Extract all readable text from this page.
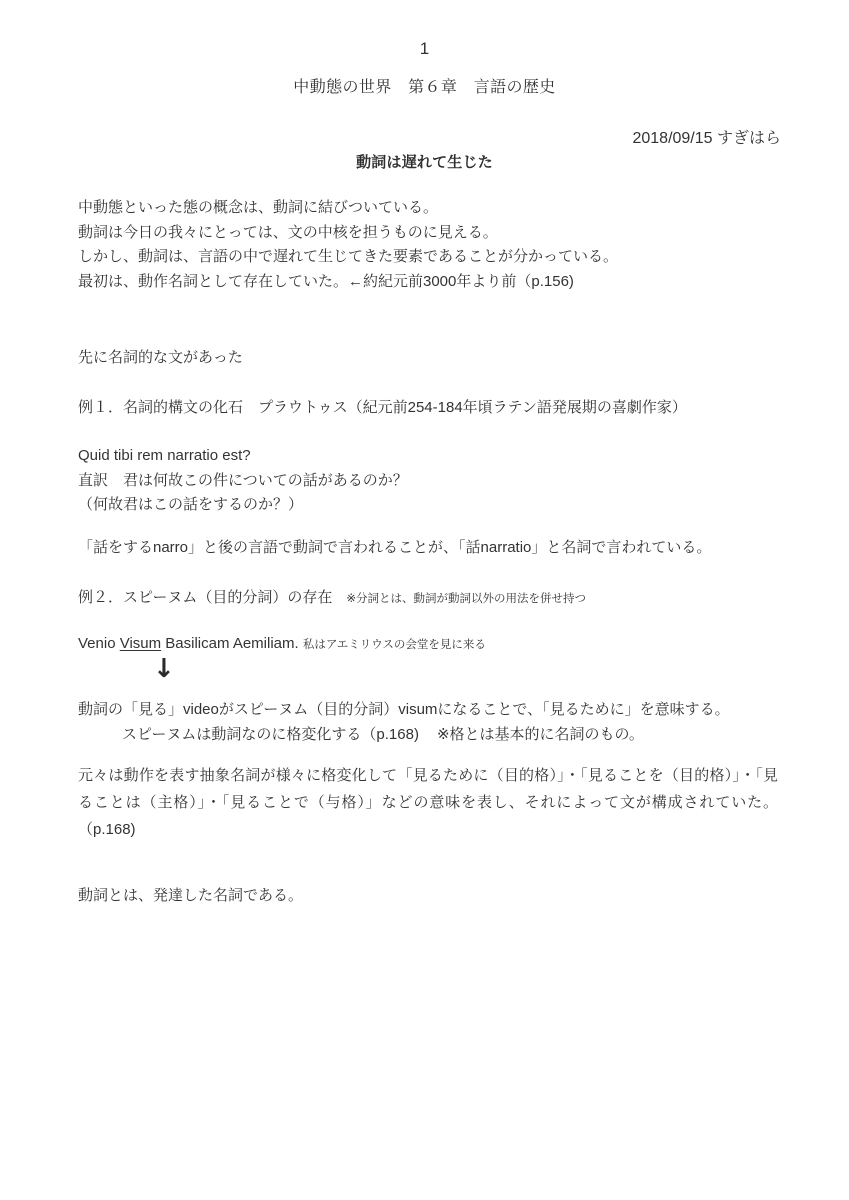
1
中動態の世界　第６章　言語の歴史
2018/09/15 すぎはら
動詞は遅れて生じた
中動態といった態の概念は、動詞に結びついている。
動詞は今日の我々にとっては、文の中核を担うものに見える。
しかし、動詞は、言語の中で遅れて生じてきた要素であることが分かっている。
最初は、動作名詞として存在していた。←約紀元前3000年より前（p.156)
先に名詞的な文があった
例１．名詞的構文の化石　プラウトゥス（紀元前254-184年頃ラテン語発展期の喜劇作家）
Quid tibi rem narratio est?
直訳　君は何故この件についての話があるのか？
（何故君はこの話をするのか？）
「話をするnarro」と後の言語で動詞で言われることが、「話narratio」と名詞で言われている。
例２．スピーヌム（目的分詞）の存在 ※分詞とは、動詞が動詞以外の用法を併せ持つ
Venio Visum Basilicam Aemiliam. 私はアエミリウスの会堂を見に来る
↓
動詞の「見る」videoがスピーヌム（目的分詞）visumになることで、「見るために」を意味する。
スピーヌムは動詞なのに格変化する（p.168) ※格とは基本的に名詞のもの。
元々は動作を表す抽象名詞が様々に格変化して「見るために（目的格）」・「見ることを（目的格）」・「見ることは（主格）」・「見ることで（与格）」などの意味を表し、それによって文が構成されていた。（p.168)
動詞とは、発達した名詞である。
